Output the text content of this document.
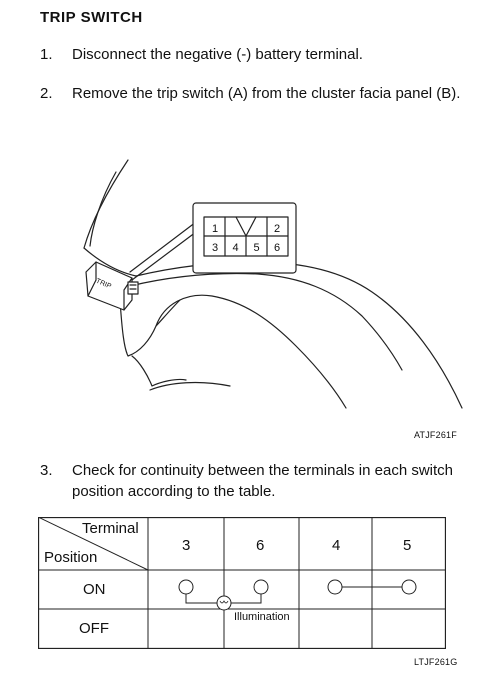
TRIP SWITCH
1. Disconnect the negative (-) battery terminal.
2. Remove the trip switch (A) from the cluster facia panel (B).
1	2
3 4 5 6
TRIP
ATJF261F
3. Check for continuity between the terminals in each switch position according to the table.
Terminal
Position
3	6	4	5
ON
OFF
Illumination
LTJF261G
